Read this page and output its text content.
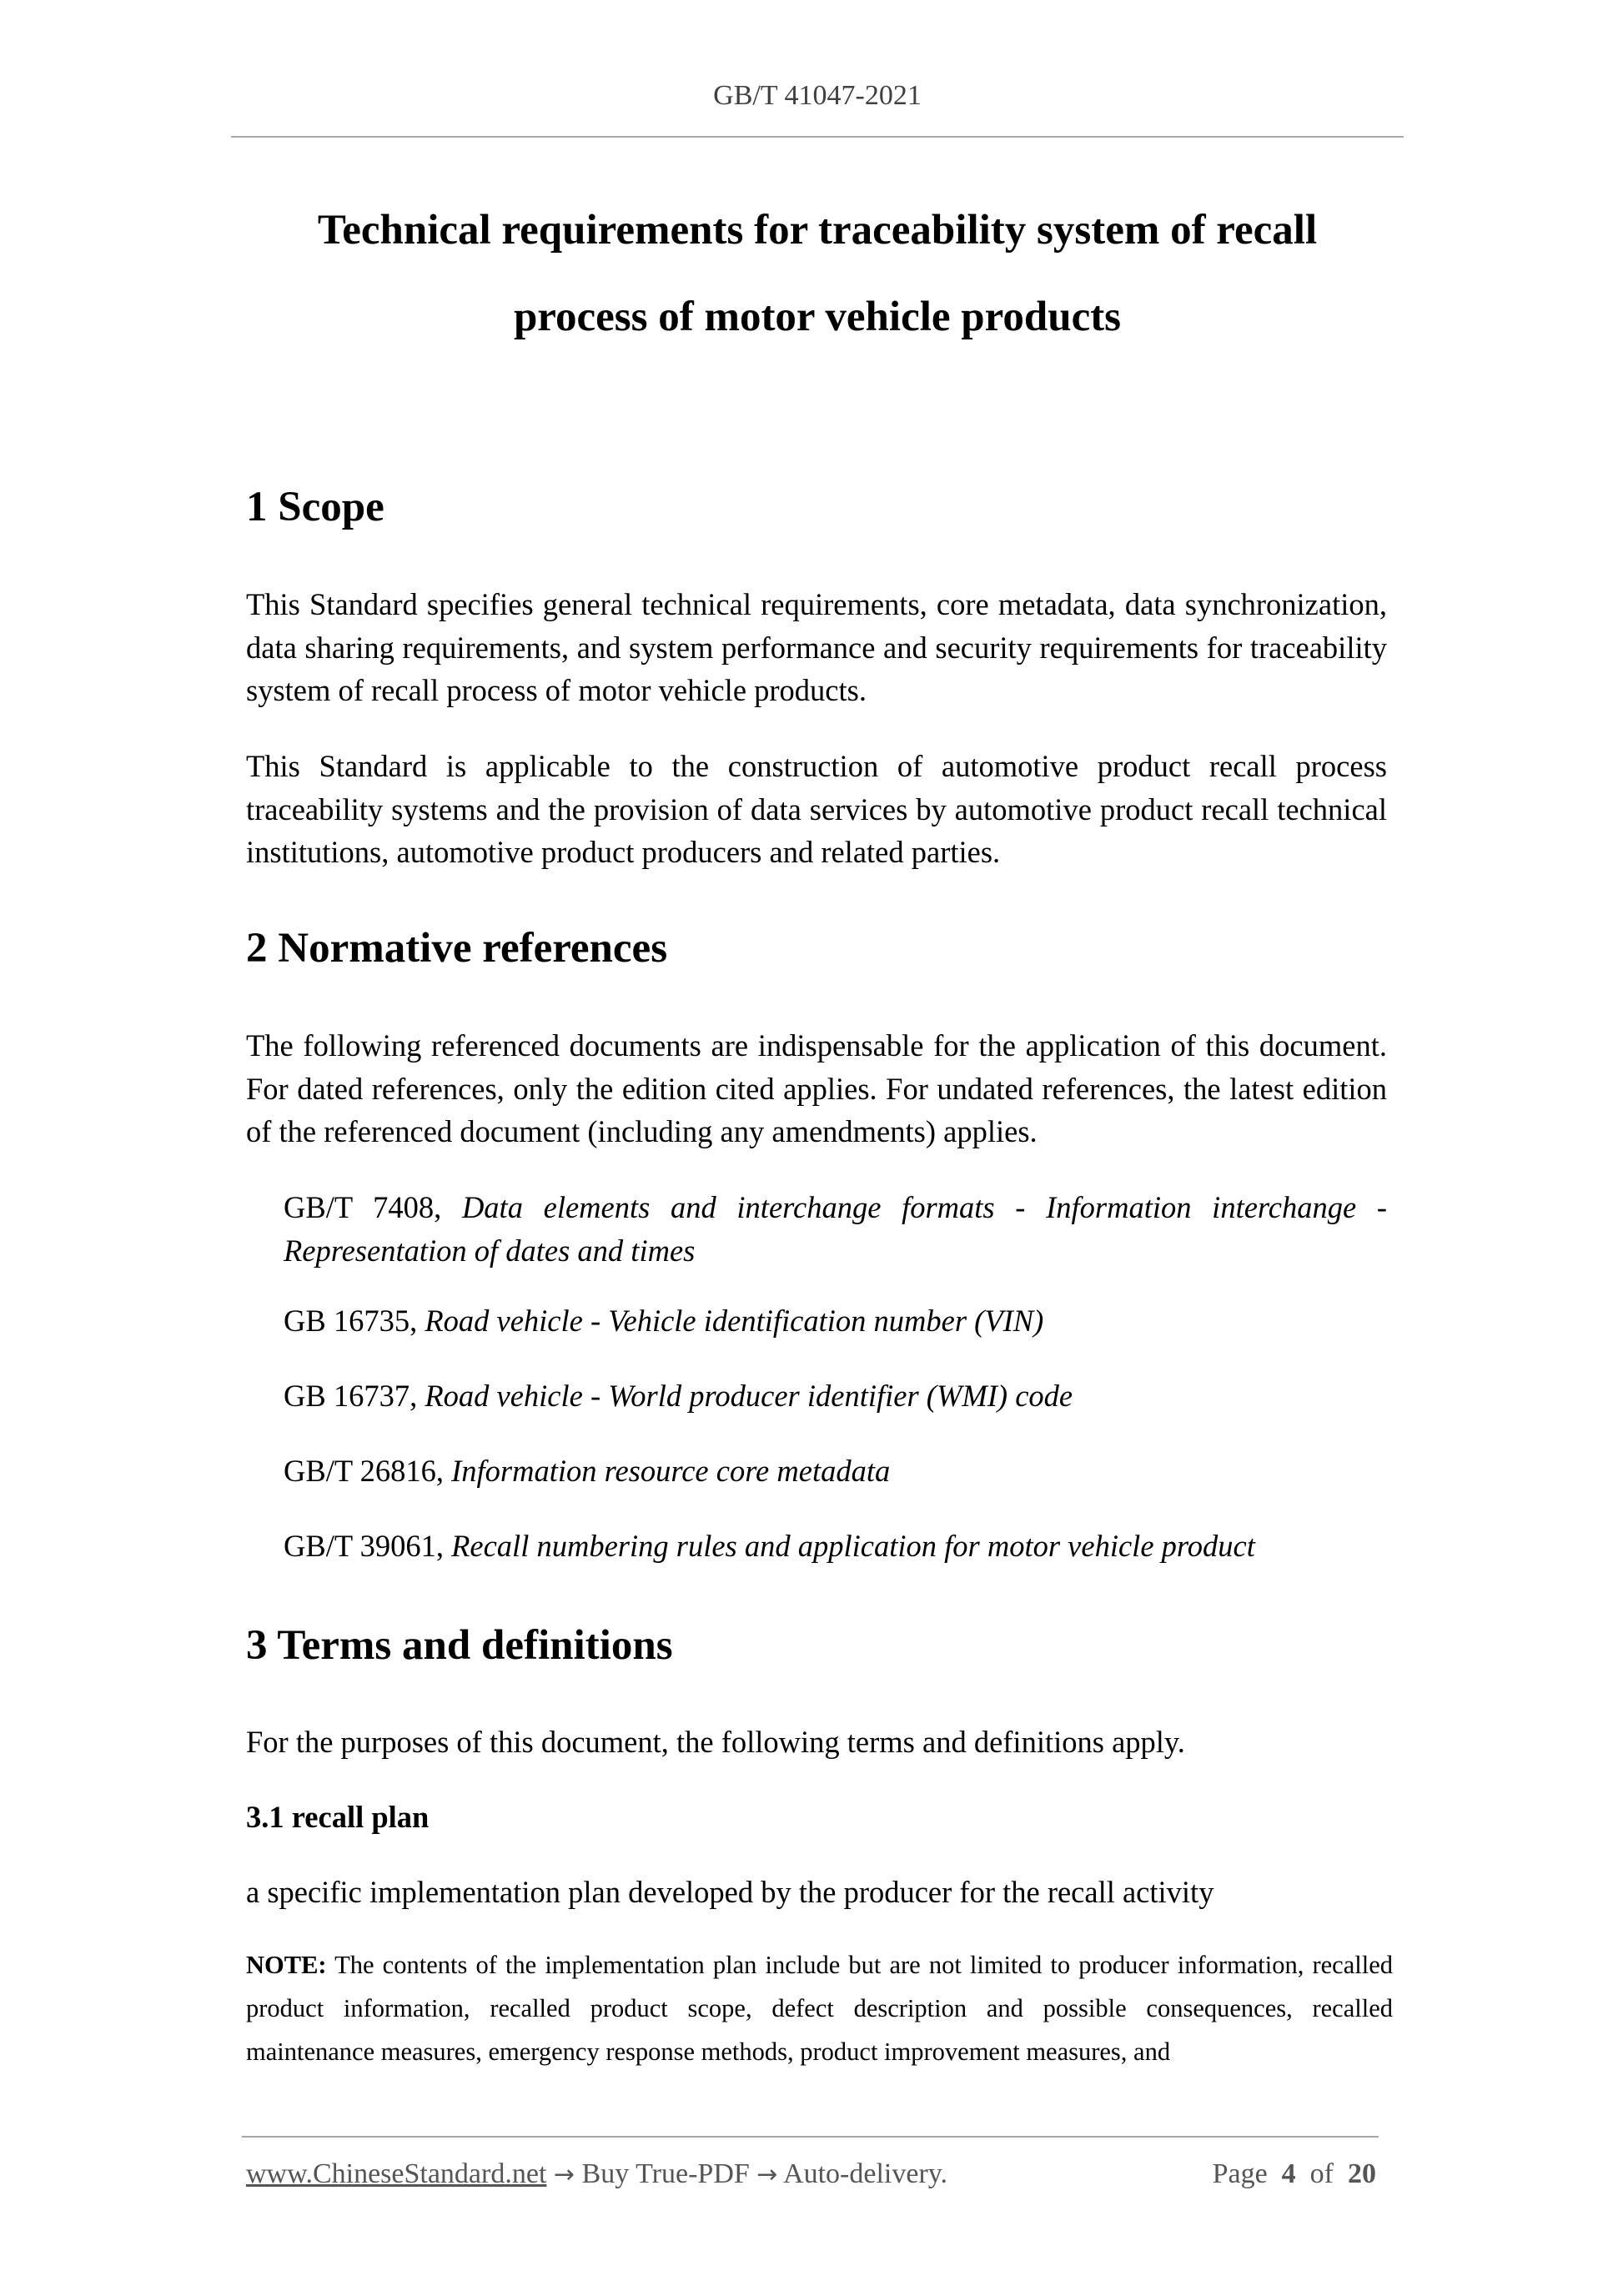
GB/T 41047-2021
Technical requirements for traceability system of recall
process of motor vehicle products
1 Scope

This Standard specifies general technical requirements, core metadata, data synchronization, data sharing requirements, and system performance and security requirements for traceability system of recall process of motor vehicle products.

This Standard is applicable to the construction of automotive product recall process traceability systems and the provision of data services by automotive product recall technical institutions, automotive product producers and related parties.

2 Normative references

The following referenced documents are indispensable for the application of this document. For dated references, only the edition cited applies. For undated references, the latest edition of the referenced document (including any amendments) applies.

GB/T 7408, Data elements and interchange formats - Information interchange - Representation of dates and times

GB 16735, Road vehicle - Vehicle identification number (VIN)

GB 16737, Road vehicle - World producer identifier (WMI) code

GB/T 26816, Information resource core metadata

GB/T 39061, Recall numbering rules and application for motor vehicle product

3 Terms and definitions

For the purposes of this document, the following terms and definitions apply.

3.1 recall plan

a specific implementation plan developed by the producer for the recall activity

NOTE: The contents of the implementation plan include but are not limited to producer information, recalled product information, recalled product scope, defect description and possible consequences, recalled maintenance measures, emergency response methods, product improvement measures, and

www.ChineseStandard.net → Buy True-PDF → Auto-delivery.	Page 4 of 20
